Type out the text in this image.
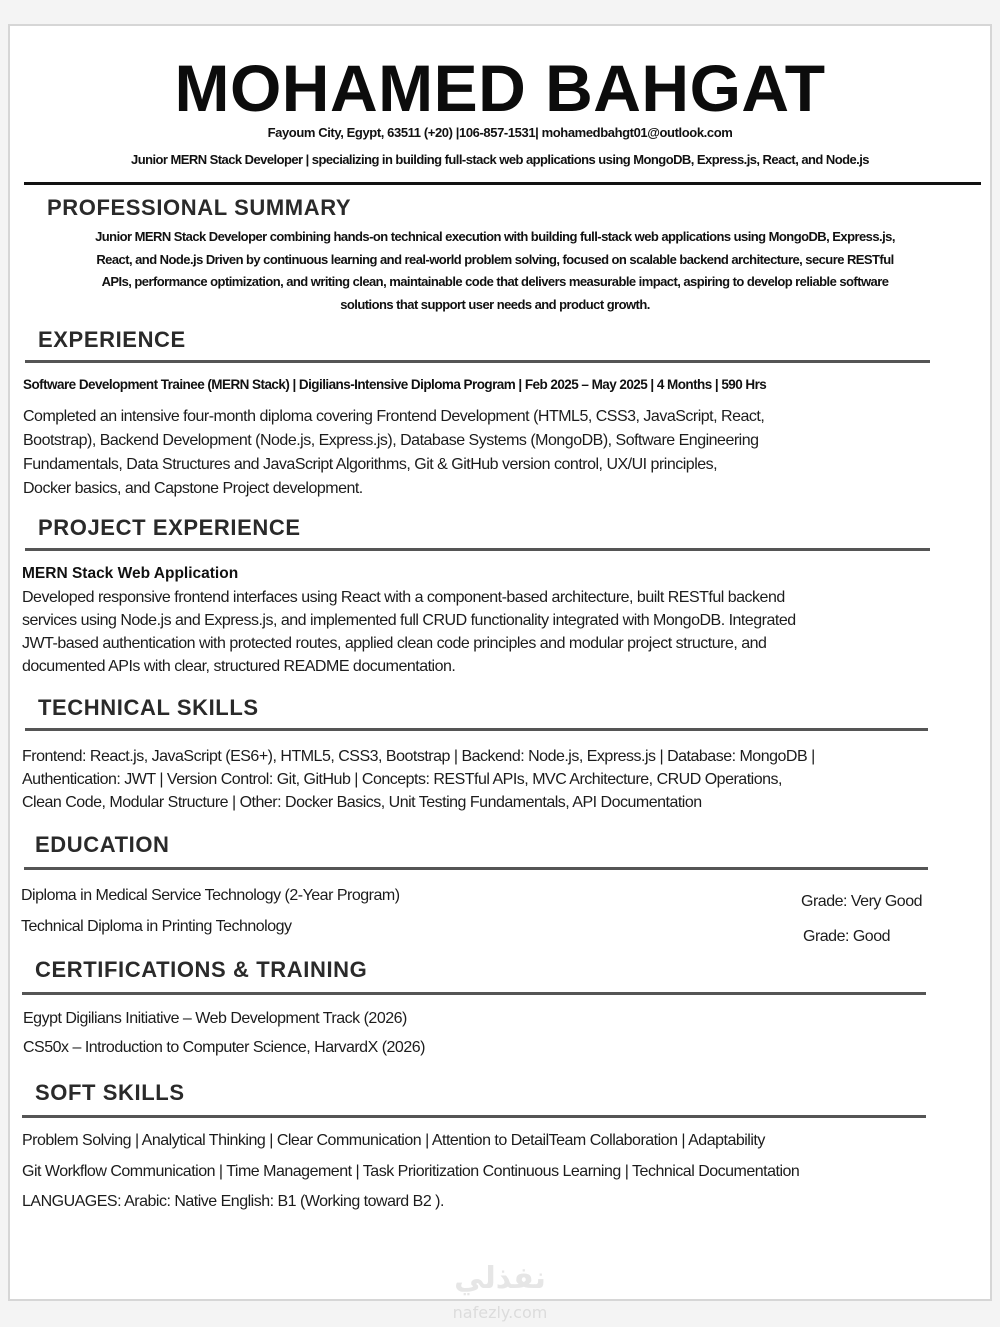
MOHAMED BAHGAT
Fayoum City, Egypt, 63511 (+20) |106-857-1531| mohamedbahgt01@outlook.com
Junior MERN Stack Developer | specializing in building full-stack web applications using MongoDB, Express.js, React, and Node.js
PROFESSIONAL SUMMARY
Junior MERN Stack Developer combining hands-on technical execution with building full-stack web applications using MongoDB, Express.js,
React, and Node.js Driven by continuous learning and real-world problem solving, focused on scalable backend architecture, secure RESTful
APIs, performance optimization, and writing clean, maintainable code that delivers measurable impact, aspiring to develop reliable software
solutions that support user needs and product growth.
EXPERIENCE
Software Development Trainee (MERN Stack) | Digilians-Intensive Diploma Program | Feb 2025 – May 2025 | 4 Months | 590 Hrs
Completed an intensive four-month diploma covering Frontend Development (HTML5, CSS3, JavaScript, React,
Bootstrap), Backend Development (Node.js, Express.js), Database Systems (MongoDB), Software Engineering
Fundamentals, Data Structures and JavaScript Algorithms, Git & GitHub version control, UX/UI principles,
Docker basics, and Capstone Project development.
PROJECT EXPERIENCE
MERN Stack Web Application
Developed responsive frontend interfaces using React with a component-based architecture, built RESTful backend
services using Node.js and Express.js, and implemented full CRUD functionality integrated with MongoDB. Integrated
JWT-based authentication with protected routes, applied clean code principles and modular project structure, and
documented APIs with clear, structured README documentation.
TECHNICAL SKILLS
Frontend: React.js, JavaScript (ES6+), HTML5, CSS3, Bootstrap | Backend: Node.js, Express.js | Database: MongoDB |
Authentication: JWT | Version Control: Git, GitHub | Concepts: RESTful APIs, MVC Architecture, CRUD Operations,
Clean Code, Modular Structure | Other: Docker Basics, Unit Testing Fundamentals, API Documentation
EDUCATION
Diploma in Medical Service Technology (2-Year Program)	Grade: Very Good
Technical Diploma in Printing Technology
Grade: Good
CERTIFICATIONS & TRAINING
Egypt Digilians Initiative – Web Development Track (2026)
CS50x – Introduction to Computer Science, HarvardX (2026)
SOFT SKILLS
Problem Solving | Analytical Thinking | Clear Communication | Attention to DetailTeam Collaboration | Adaptability
Git Workflow Communication | Time Management | Task Prioritization Continuous Learning | Technical Documentation
LANGUAGES: Arabic: Native English: B1 (Working toward B2 ).
نفذلي
nafezly.com
